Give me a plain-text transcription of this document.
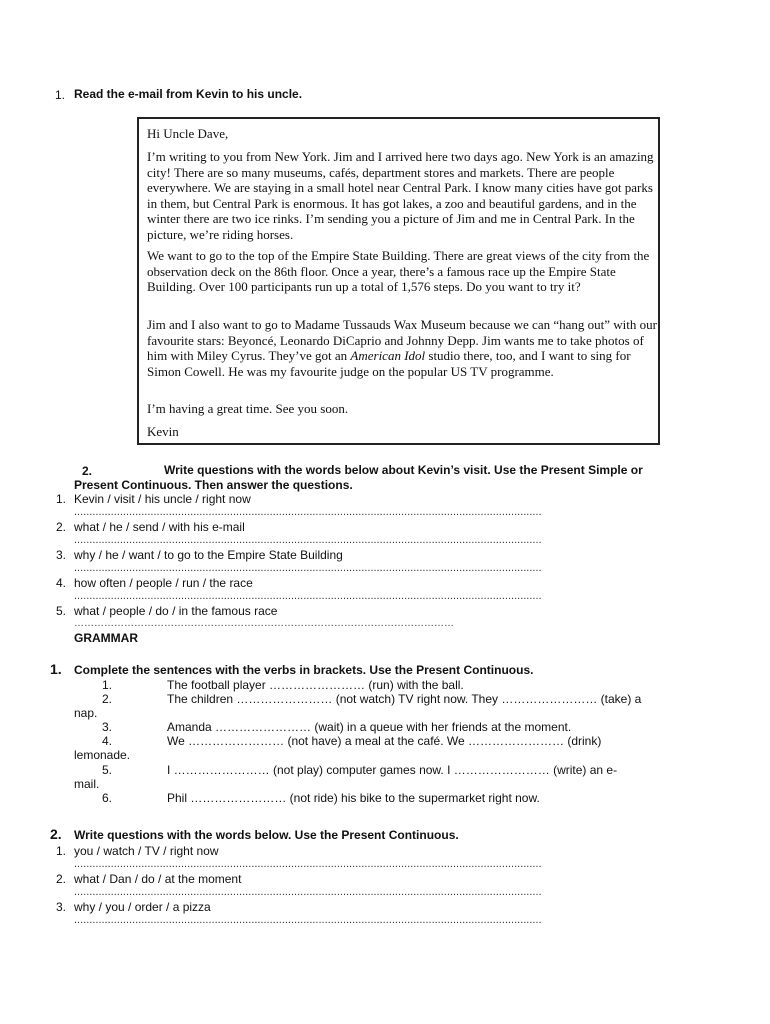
1. Read the e-mail from Kevin to his uncle.
Hi Uncle Dave,
I’m writing to you from New York. Jim and I arrived here two days ago. New York is an amazing city! There are so many museums, cafés, department stores and markets. There are people everywhere. We are staying in a small hotel near Central Park. I know many cities have got parks in them, but Central Park is enormous. It has got lakes, a zoo and beautiful gardens, and in the winter there are two ice rinks. I’m sending you a picture of Jim and me in Central Park. In the picture, we’re riding horses.
We want to go to the top of the Empire State Building. There are great views of the city from the observation deck on the 86th floor. Once a year, there’s a famous race up the Empire State Building. Over 100 participants run up a total of 1,576 steps. Do you want to try it?
Jim and I also want to go to Madame Tussauds Wax Museum because we can “hang out” with our favourite stars: Beyoncé, Leonardo DiCaprio and Johnny Depp. Jim wants me to take photos of him with Miley Cyrus. They’ve got an American Idol studio there, too, and I want to sing for Simon Cowell. He was my favourite judge on the popular US TV programme.
I’m having a great time. See you soon.
Kevin
2.	Write questions with the words below about Kevin’s visit. Use the Present Simple or
Present Continuous. Then answer the questions.
1. Kevin / visit / his uncle / right now
.........................................................................................................................................................
2. what / he / send / with his e-mail
.........................................................................................................................................................
3. why / he / want / to go to the Empire State Building
.........................................................................................................................................................
4. how often / people / run / the race
.........................................................................................................................................................
5. what / people / do / in the famous race
……………………………………………………………………………………………………
GRAMMAR
1. Complete the sentences with the verbs in brackets. Use the Present Continuous.
1.	The football player …………………… (run) with the ball.
2.	The children …………………… (not watch) TV right now. They …………………… (take) a
nap.
3.	Amanda …………………… (wait) in a queue with her friends at the moment.
4.	We …………………… (not have) a meal at the café. We …………………… (drink)
lemonade.
5.	I …………………… (not play) computer games now. I …………………… (write) an e-
mail.
6.	Phil …………………… (not ride) his bike to the supermarket right now.
2. Write questions with the words below. Use the Present Continuous.
1. you / watch / TV / right now
.........................................................................................................................................................
2. what / Dan / do / at the moment
.........................................................................................................................................................
3. why / you / order / a pizza
.........................................................................................................................................................
